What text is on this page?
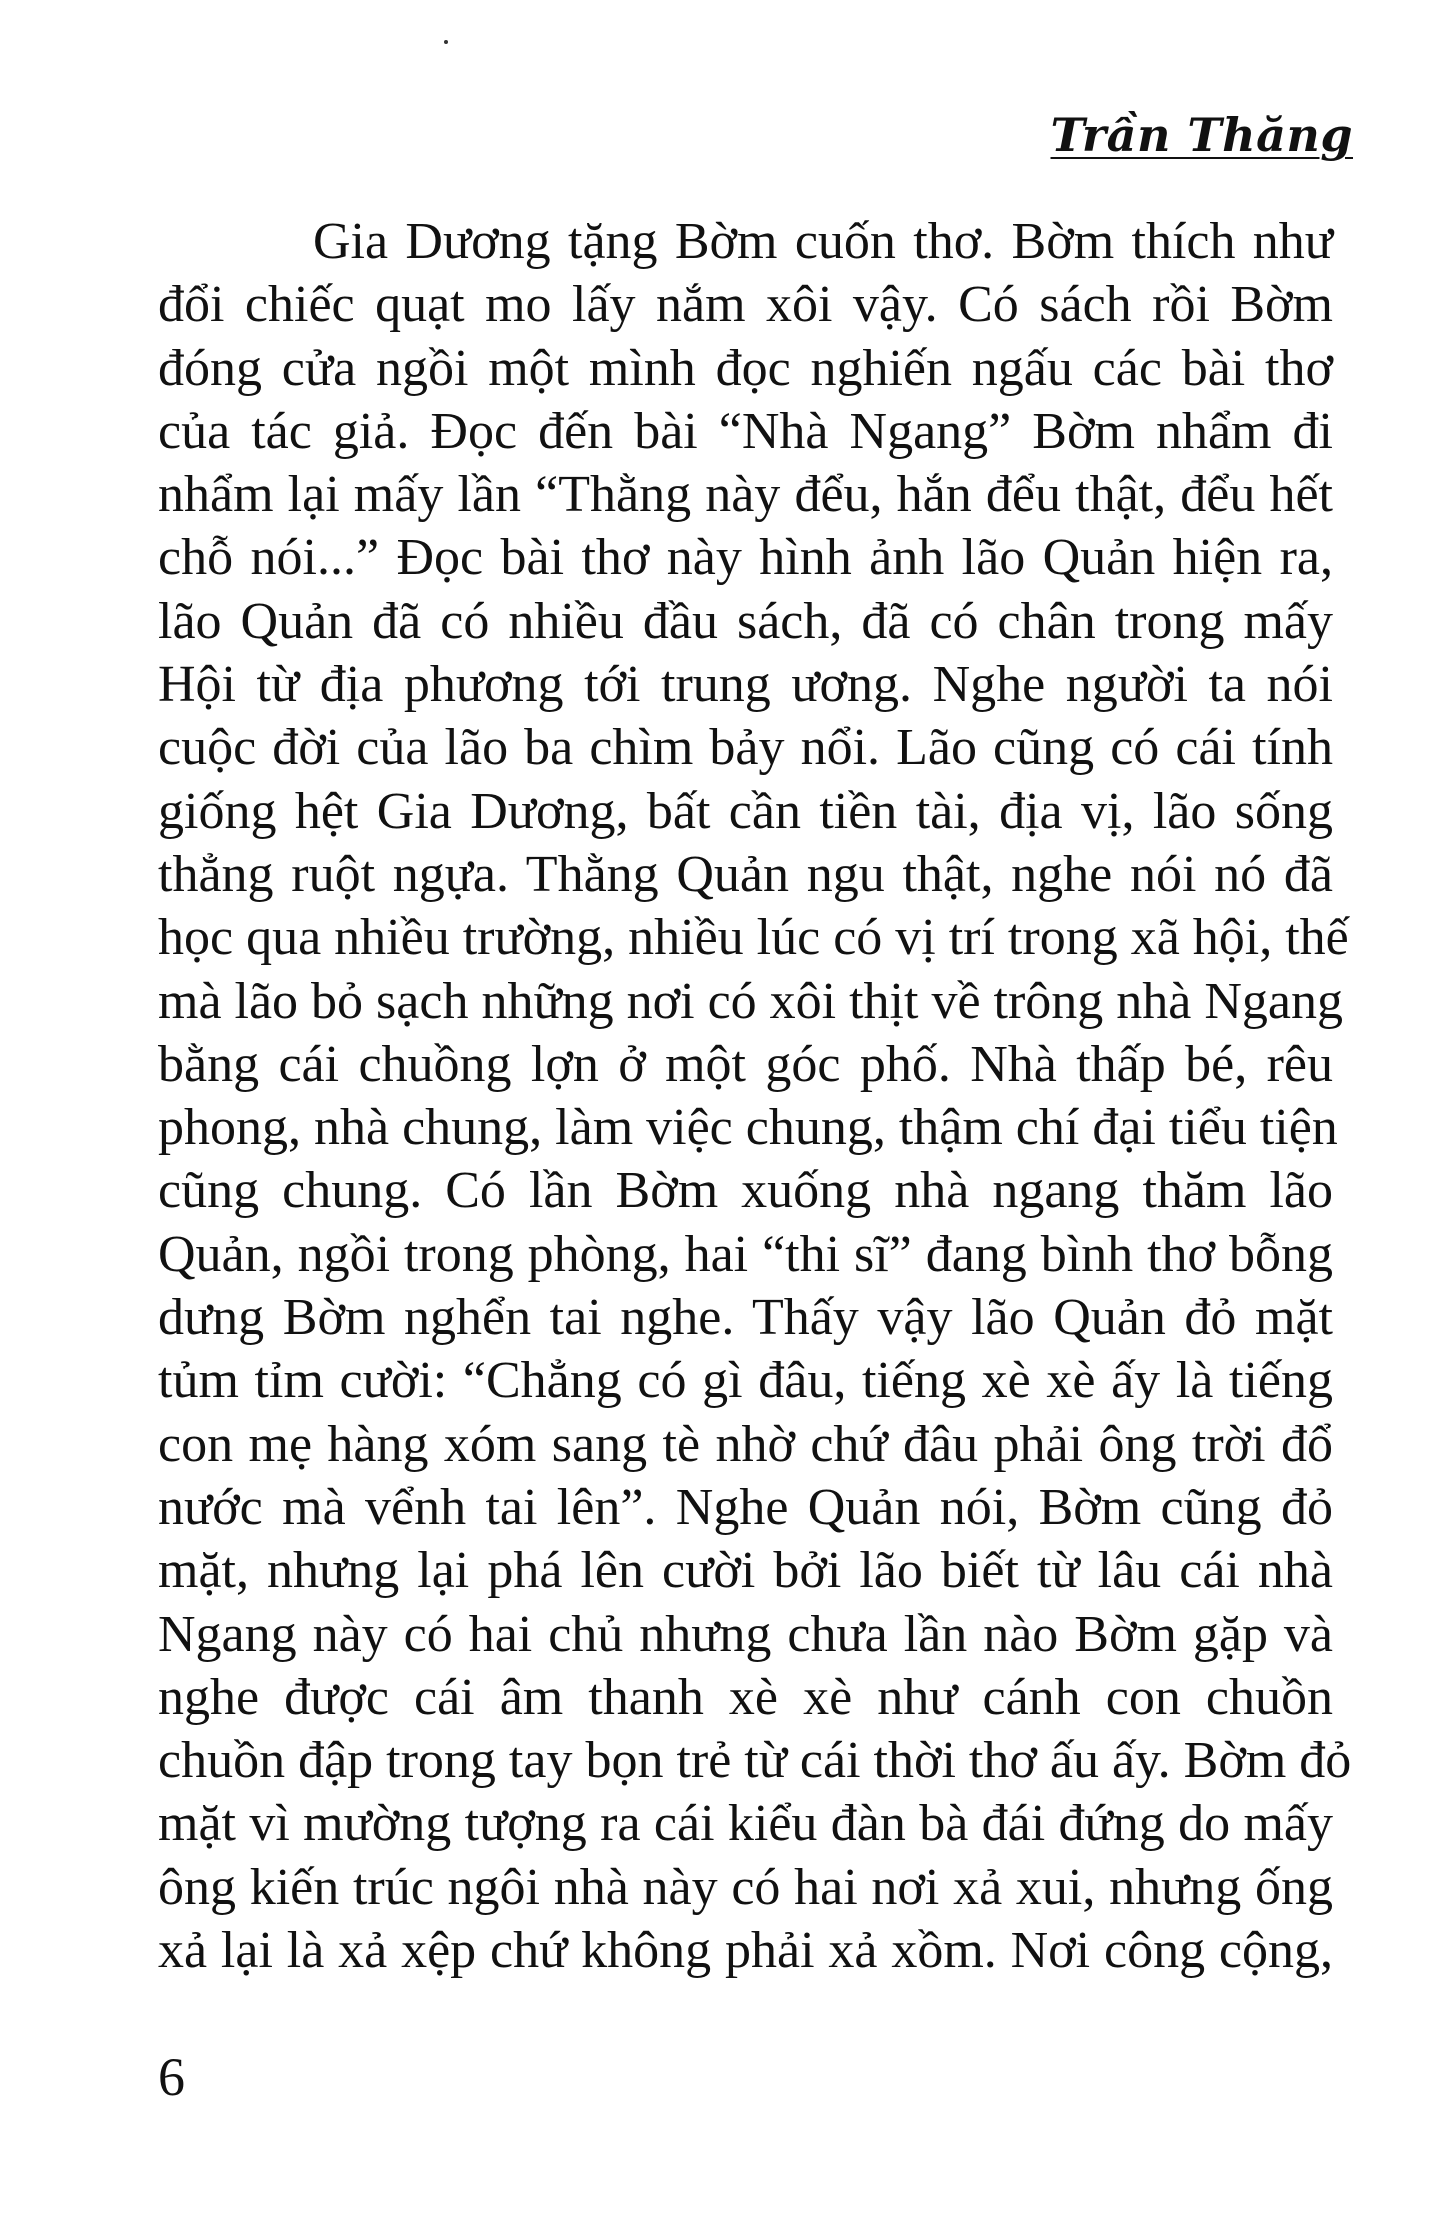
Trần Thăng
Gia Dương tặng Bờm cuốn thơ. Bờm thích như
đổi chiếc quạt mo lấy nắm xôi vậy. Có sách rồi Bờm
đóng cửa ngồi một mình đọc nghiến ngấu các bài thơ
của tác giả. Đọc đến bài “Nhà Ngang” Bờm nhẩm đi
nhẩm lại mấy lần “Thằng này đểu, hắn đểu thật, đểu hết
chỗ nói...” Đọc bài thơ này hình ảnh lão Quản hiện ra,
lão Quản đã có nhiều đầu sách, đã có chân trong mấy
Hội từ địa phương tới trung ương. Nghe người ta nói
cuộc đời của lão ba chìm bảy nổi. Lão cũng có cái tính
giống hệt Gia Dương, bất cần tiền tài, địa vị, lão sống
thẳng ruột ngựa. Thằng Quản ngu thật, nghe nói nó đã
học qua nhiều trường, nhiều lúc có vị trí trong xã hội, thế
mà lão bỏ sạch những nơi có xôi thịt về trông nhà Ngang
bằng cái chuồng lợn ở một góc phố. Nhà thấp bé, rêu
phong, nhà chung, làm việc chung, thậm chí đại tiểu tiện
cũng chung. Có lần Bờm xuống nhà ngang thăm lão
Quản, ngồi trong phòng, hai “thi sĩ” đang bình thơ bỗng
dưng Bờm nghển tai nghe. Thấy vậy lão Quản đỏ mặt
tủm tỉm cười: “Chẳng có gì đâu, tiếng xè xè ấy là tiếng
con mẹ hàng xóm sang tè nhờ chứ đâu phải ông trời đổ
nước mà vểnh tai lên”. Nghe Quản nói, Bờm cũng đỏ
mặt, nhưng lại phá lên cười bởi lão biết từ lâu cái nhà
Ngang này có hai chủ nhưng chưa lần nào Bờm gặp và
nghe được cái âm thanh xè xè như cánh con chuồn
chuồn đập trong tay bọn trẻ từ cái thời thơ ấu ấy. Bờm đỏ
mặt vì mường tượng ra cái kiểu đàn bà đái đứng do mấy
ông kiến trúc ngôi nhà này có hai nơi xả xui, nhưng ống
xả lại là xả xệp chứ không phải xả xồm. Nơi công cộng,
6
